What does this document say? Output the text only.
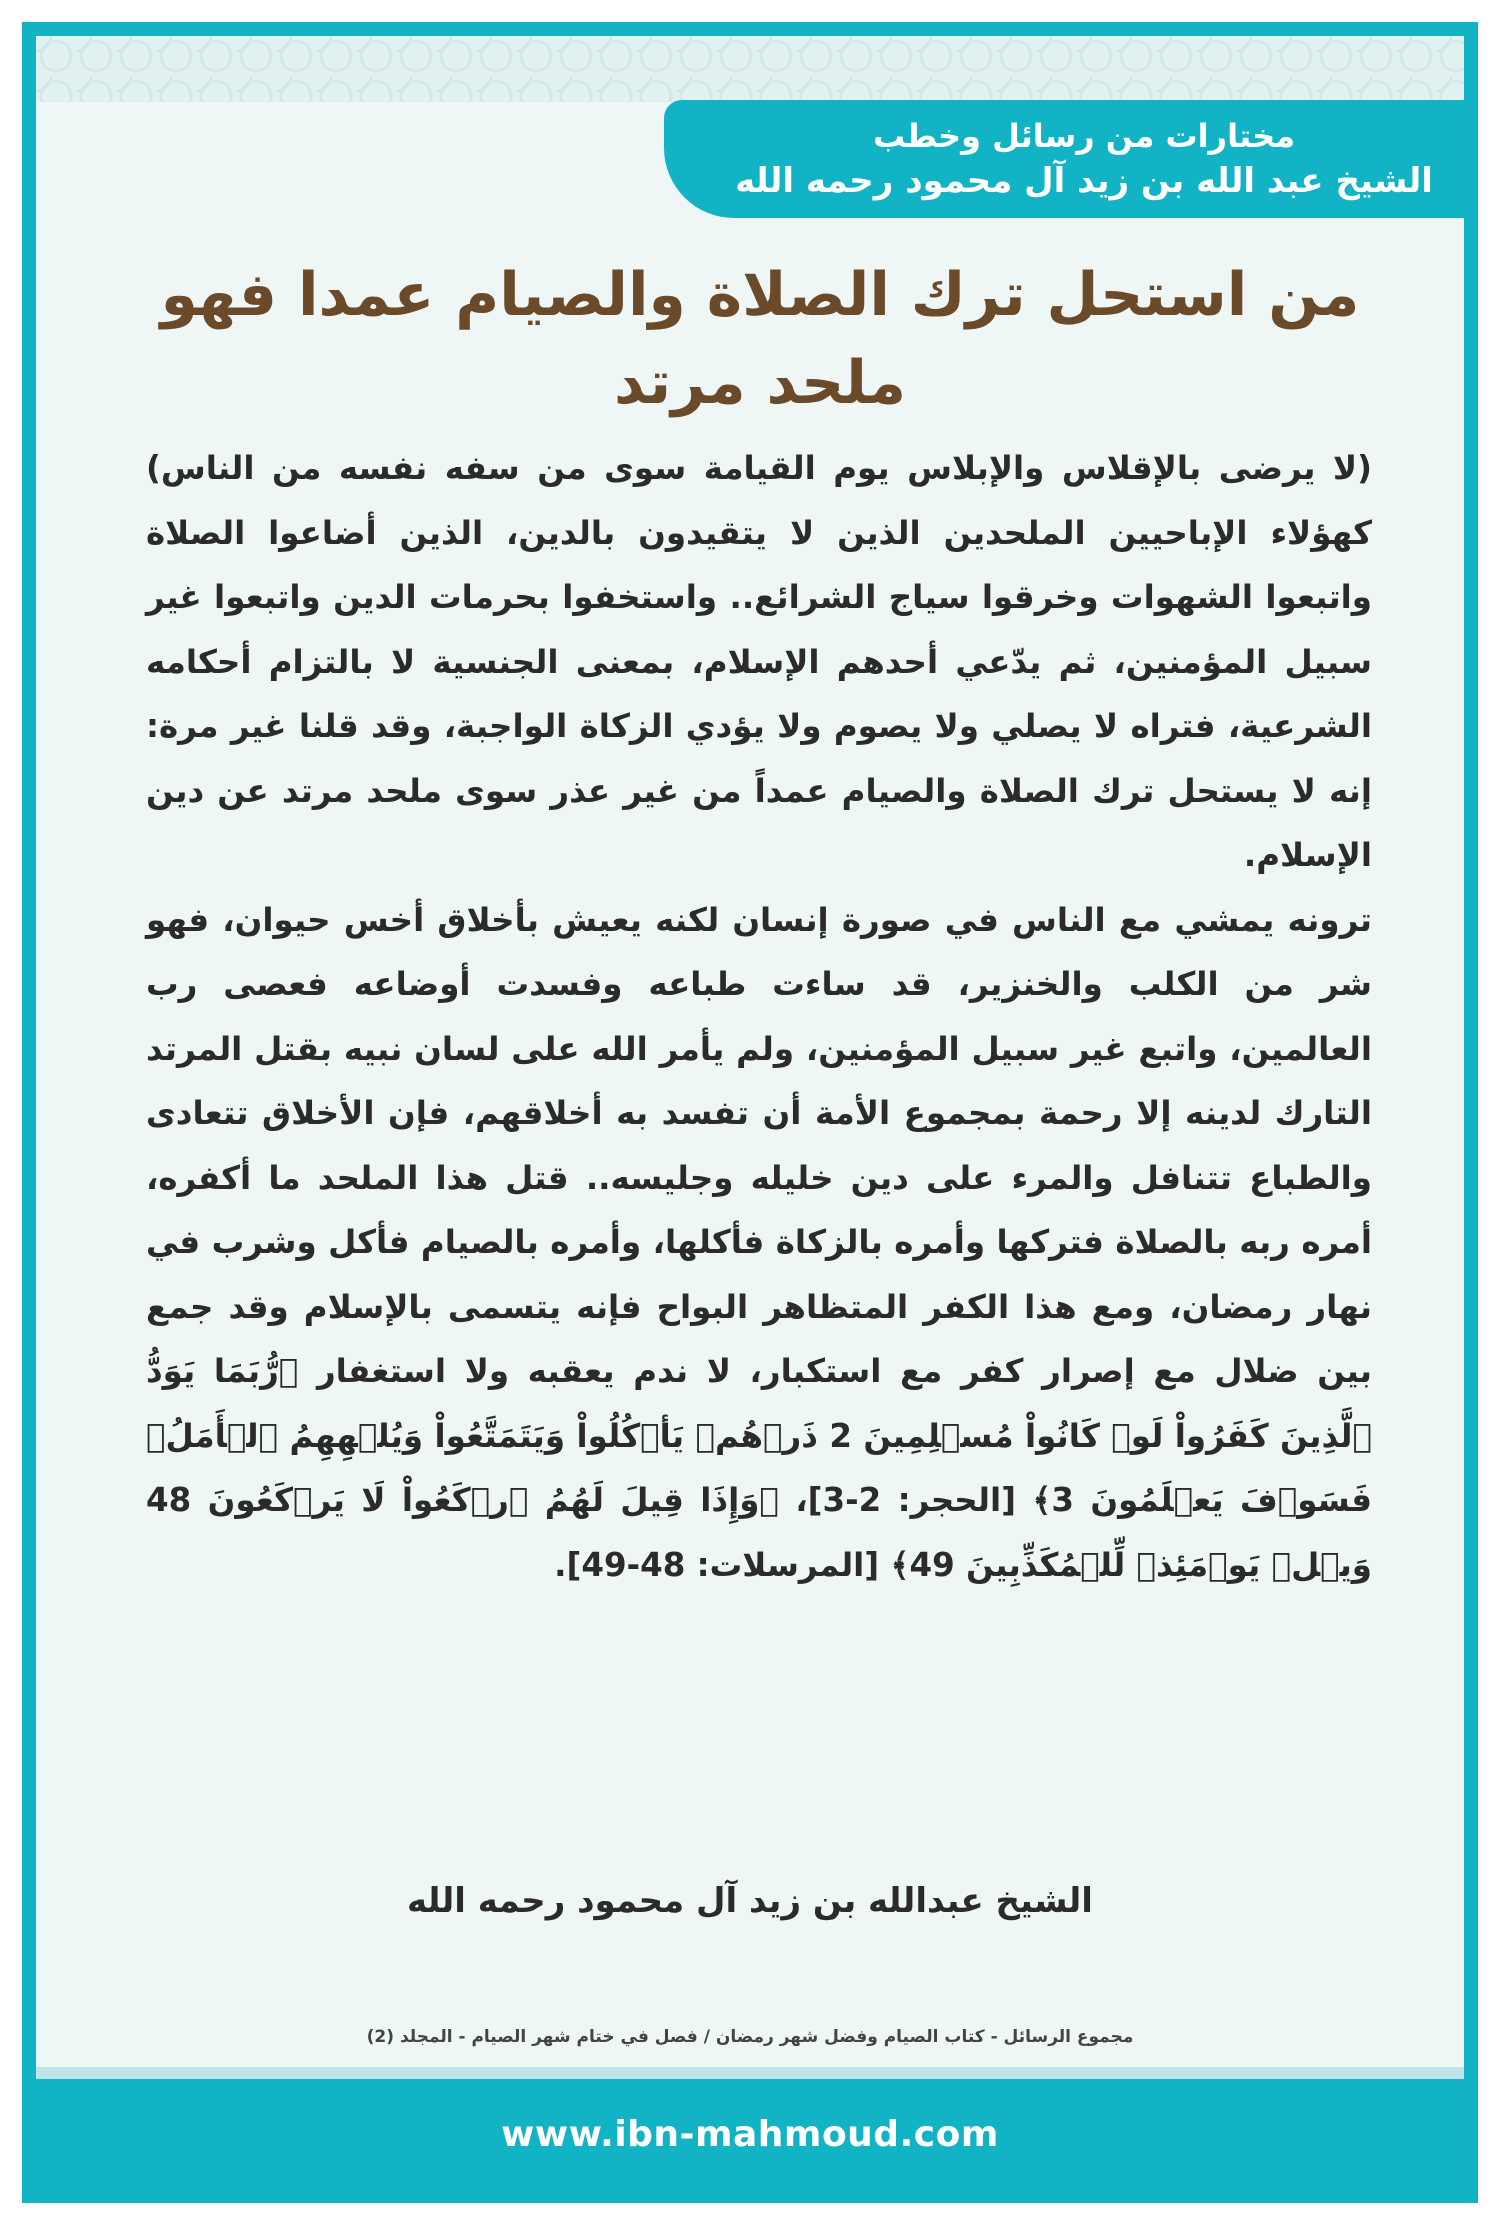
مختارات من رسائل وخطب
الشيخ عبد الله بن زيد آل محمود رحمه الله
من استحل ترك الصلاة والصيام عمدا فهو ملحد مرتد

(لا يرضى بالإقلاس والإبلاس يوم القيامة سوى من سفه نفسه من الناس) كهؤلاء الإباحيين الملحدين الذين لا يتقيدون بالدين، الذين أضاعوا الصلاة واتبعوا الشهوات وخرقوا سياج الشرائع.. واستخفوا بحرمات الدين واتبعوا غير سبيل المؤمنين، ثم يدّعي أحدهم الإسلام، بمعنى الجنسية لا بالتزام أحكامه الشرعية، فتراه لا يصلي ولا يصوم ولا يؤدي الزكاة الواجبة، وقد قلنا غير مرة: إنه لا يستحل ترك الصلاة والصيام عمداً من غير عذر سوى ملحد مرتد عن دين الإسلام.

ترونه يمشي مع الناس في صورة إنسان لكنه يعيش بأخلاق أخس حيوان، فهو شر من الكلب والخنزير، قد ساءت طباعه وفسدت أوضاعه فعصى رب العالمين، واتبع غير سبيل المؤمنين، ولم يأمر الله على لسان نبيه بقتل المرتد التارك لدينه إلا رحمة بمجموع الأمة أن تفسد به أخلاقهم، فإن الأخلاق تتعادى والطباع تتنافل والمرء على دين خليله وجليسه.. قتل هذا الملحد ما أكفره، أمره ربه بالصلاة فتركها وأمره بالزكاة فأكلها، وأمره بالصيام فأكل وشرب في نهار رمضان، ومع هذا الكفر المتظاهر البواح فإنه يتسمى بالإسلام وقد جمع بين ضلال مع إصرار كفر مع استكبار، لا ندم يعقبه ولا استغفار ﴿رُّبَمَا يَوَدُّ ٱلَّذِينَ كَفَرُواْ لَوۡ كَانُواْ مُسۡلِمِينَ 2 ذَرۡهُمۡ يَأۡكُلُواْ وَيَتَمَتَّعُواْ وَيُلۡهِهِمُ ٱلۡأَمَلُۖ فَسَوۡفَ يَعۡلَمُونَ 3﴾ [الحجر: 2-3]، ﴿وَإِذَا قِيلَ لَهُمُ ٱرۡكَعُواْ لَا يَرۡكَعُونَ 48 وَيۡلٞ يَوۡمَئِذٖ لِّلۡمُكَذِّبِينَ 49﴾ [المرسلات: 48-49].

الشيخ عبدالله بن زيد آل محمود رحمه الله
مجموع الرسائل - كتاب الصيام وفضل شهر رمضان / فصل في ختام شهر الصيام - المجلد (2)
www.ibn-mahmoud.com
